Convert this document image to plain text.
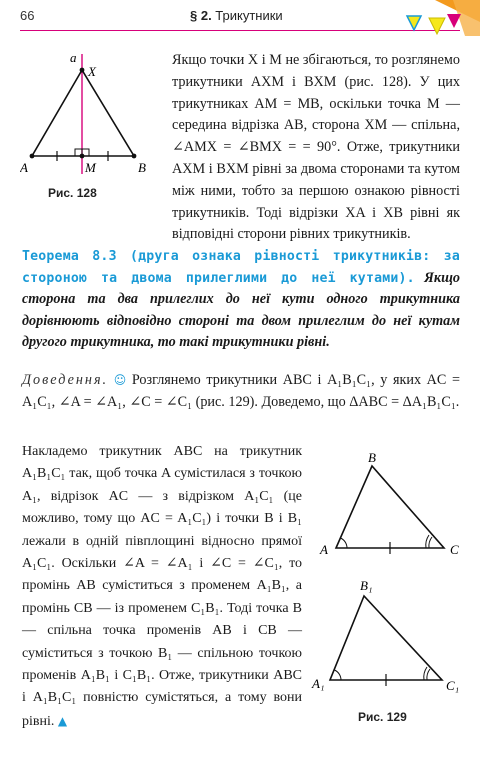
66	§ 2. Трикутники
a
X
A	M	B
Рис. 128
Якщо точки X і M не збігаються, то розглянемо трикутники AXM і BXM (рис. 128). У цих трикутниках AM = MB, оскільки точка M — середина відрізка AB, сторона XM — спільна, ∠AMX = ∠BMX = = 90°. Отже, трикутники AXM і BXM рівні за двома сторонами та кутом між ними, тобто за першою ознакою рівності трикутників. Тоді відрізки XA і XB рівні як відповідні сторони рівних трикутників.
Теорема 8.3 (друга ознака рівності трикутників: за стороною та двома прилеглими до неї кутами). Якщо сторона та два прилеглих до неї кути одного трикутника дорівнюють відповідно стороні та двом прилеглим до неї кутам другого трикутника, то такі трикутники рівні.
Доведення. ☺ Розглянемо трикутники ABC і A₁B₁C₁, у яких AC = A₁C₁, ∠A = ∠A₁, ∠C = ∠C₁ (рис. 129). Доведемо, що ΔABC = ΔA₁B₁C₁.
Накладемо трикутник ABC на трикутник A₁B₁C₁ так, щоб точка A сумістилася з точкою A₁, відрізок AC — з відрізком A₁C₁ (це можливо, тому що AC = A₁C₁) і точки B і B₁ лежали в одній півплощині відносно прямої A₁C₁. Оскільки ∠A = ∠A₁ і ∠C = ∠C₁, то промінь AB суміститься з променем A₁B₁, а промінь CB — із променем C₁B₁. Тоді точка B — спільна точка променів AB і CB — суміститься з точкою B₁ — спільною точкою променів A₁B₁ і C₁B₁. Отже, трикутники ABC і A₁B₁C₁ повністю сумістяться, а тому вони рівні. ▲
B
A	C
B₁
A₁	C₁
Рис. 129
